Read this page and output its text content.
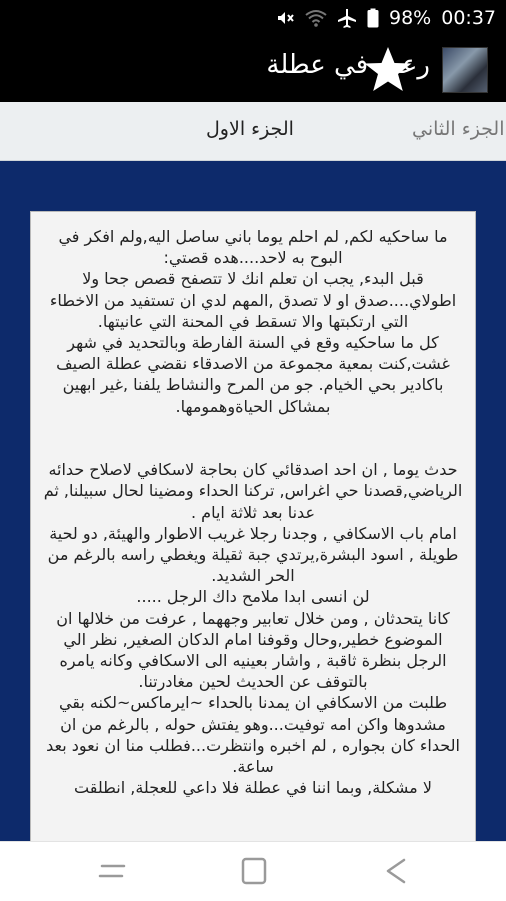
98% 00:37
رعب في عطلة
الجزء الاول	الجزء الثاني
ما ساحكيه لكم, لم احلم يوما باني ساصل اليه,ولم افكر في البوح به لاحد....هده قصتي:
قبل البدء, يجب ان تعلم انك لا تتصفح قصص جحا ولا اطولاي....صدق او لا تصدق ,المهم لدي ان تستفيد من الاخطاء التي ارتكبتها والا تسقط في المحنة التي عانيتها.
كل ما ساحكيه وقع في السنة الفارطة وبالتحديد في شهر غشت,كنت بمعية مجموعة من الاصدقاء نقضي عطلة الصيف باكادير بحي الخيام. جو من المرح والنشاط يلفنا ,غير ابهين بمشاكل الحياةوهمومها.

حدث يوما , ان احد اصدقائي كان بحاجة لاسكافي لاصلاح حدائه الرياضي,قصدنا حي اغراس, تركنا الحداء ومضينا لحال سبيلنا, ثم عدنا بعد ثلاثة ايام .
امام باب الاسكافي , وجدنا رجلا غريب الاطوار والهيئة, دو لحية طويلة , اسود البشرة,يرتدي جبة ثقيلة ويغطي راسه بالرغم من الحر الشديد.
لن انسى ابدا ملامح داك الرجل .....
كانا يتحدثان , ومن خلال تعابير وجههما , عرفت من خلالها ان الموضوع خطير,وحال وقوفنا امام الدكان الصغير, نظر الي الرجل بنظرة ثاقبة , واشار بعينيه الى الاسكافي وكانه يامره بالتوقف عن الحديث لحين مغادرتنا.
طلبت من الاسكافي ان يمدنا بالحداء ~ايرماكس~لكنه بقي مشدوها واكن امه توفيت...وهو يفتش حوله , بالرغم من ان الحداء كان بجواره , لم اخبره وانتظرت...فطلب منا ان نعود بعد ساعة.
لا مشكلة, وبما اننا في عطلة فلا داعي للعجلة, انطلقت
